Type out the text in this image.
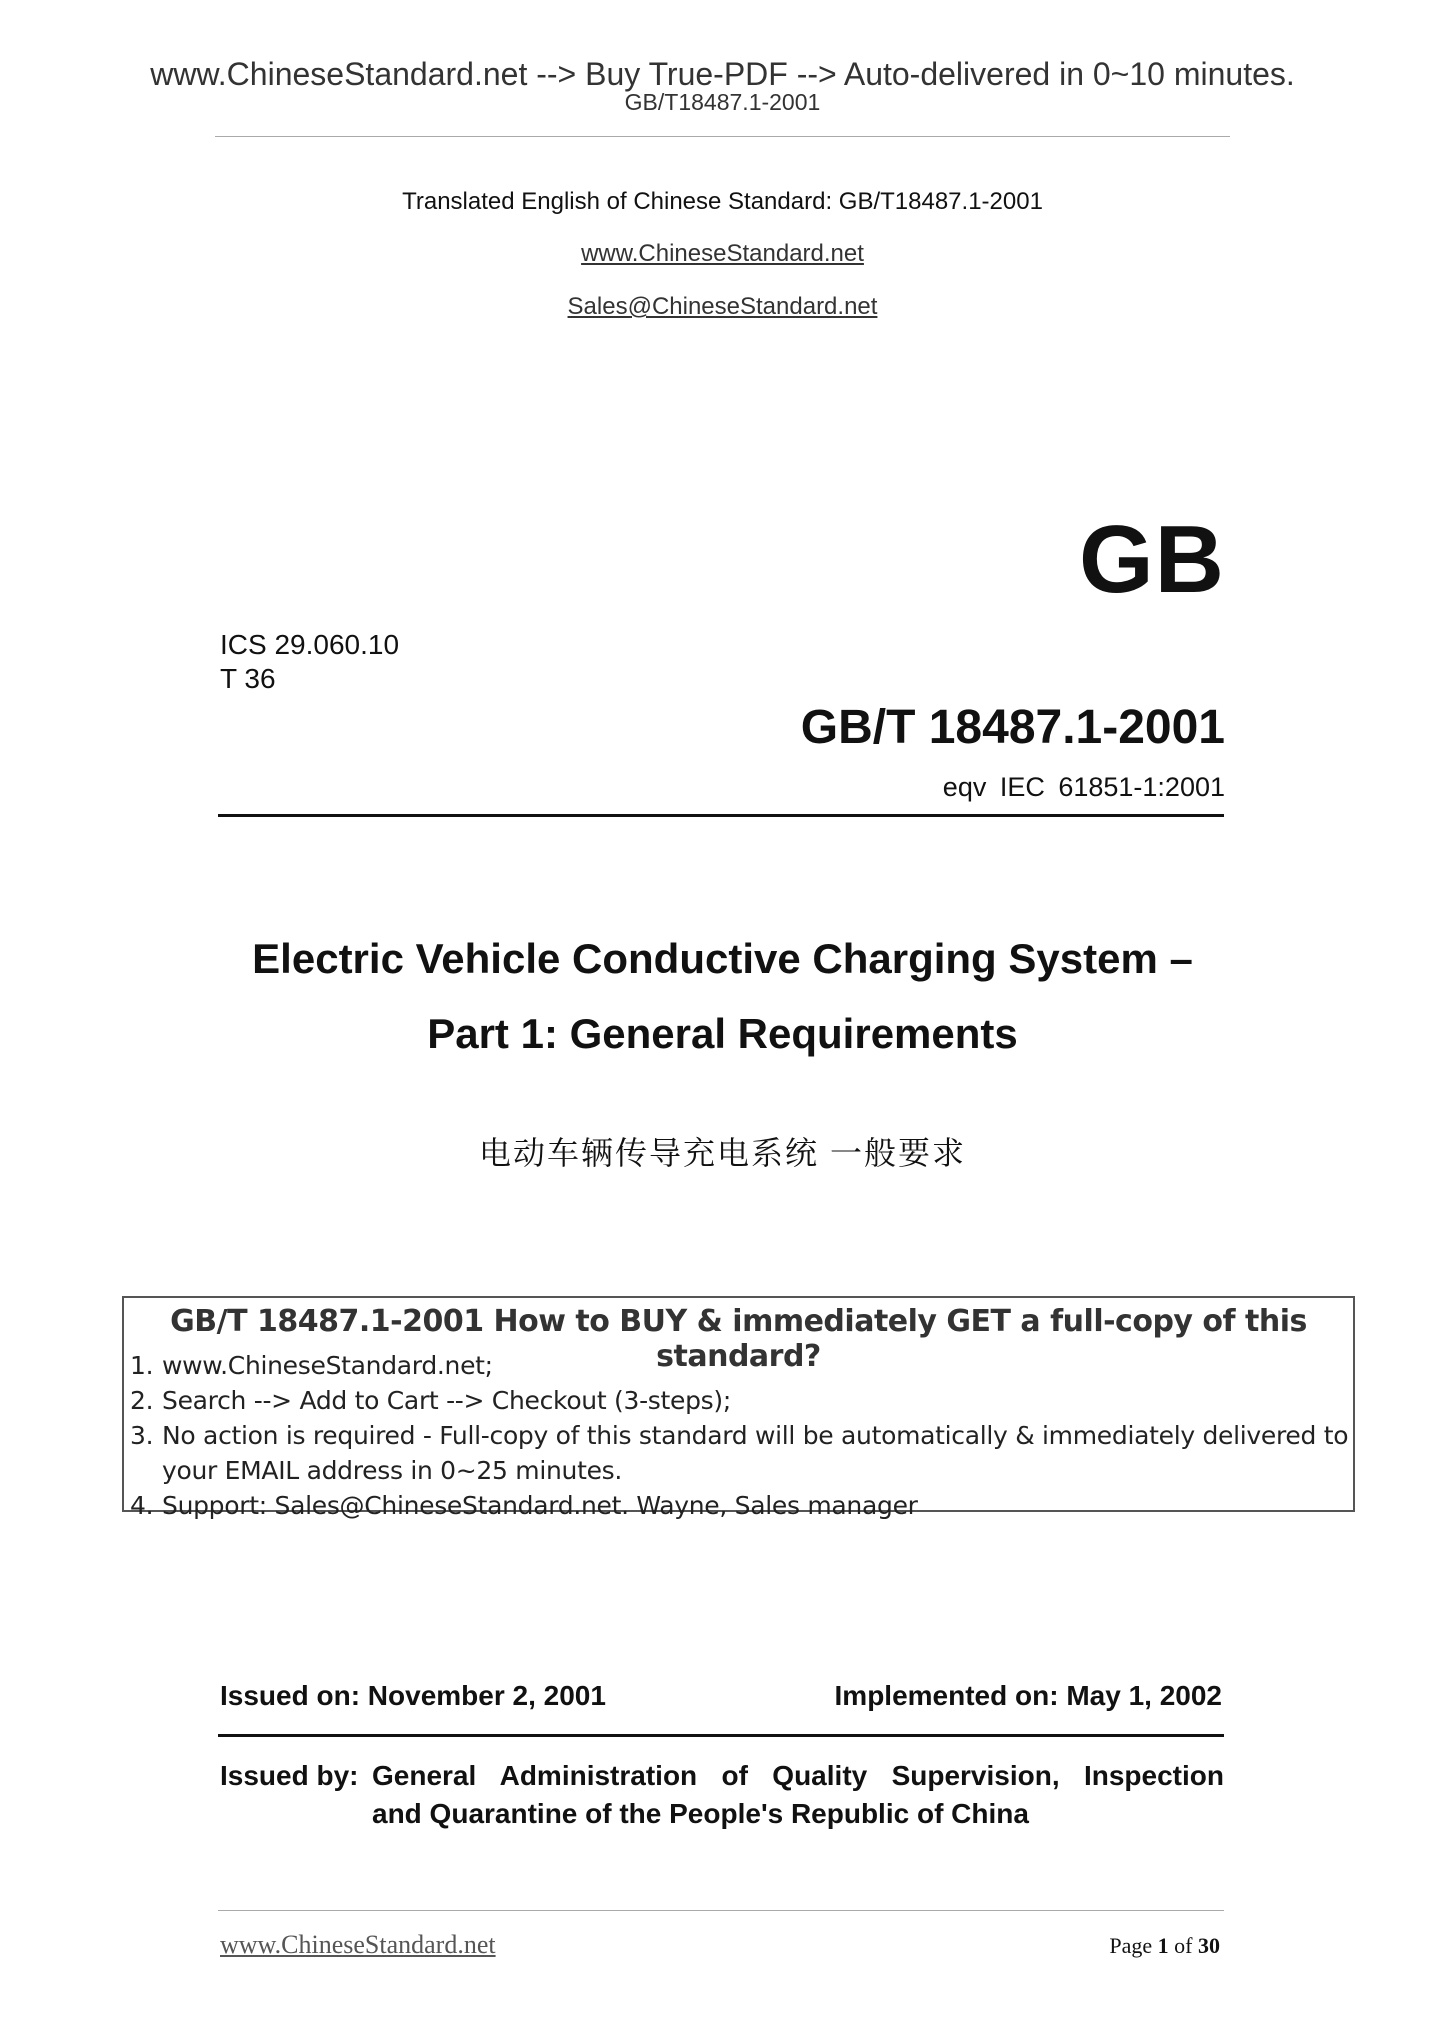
www.ChineseStandard.net --> Buy True-PDF --> Auto-delivered in 0~10 minutes.
GB/T18487.1-2001
Translated English of Chinese Standard: GB/T18487.1-2001
www.ChineseStandard.net
Sales@ChineseStandard.net
GB
ICS 29.060.10
T 36
GB/T 18487.1-2001
eqv IEC 61851-1:2001
Electric Vehicle Conductive Charging System –
Part 1: General Requirements
电动车辆传导充电系统 一般要求
GB/T 18487.1-2001 How to BUY & immediately GET a full-copy of this standard?
1. www.ChineseStandard.net;
2. Search --> Add to Cart --> Checkout (3-steps);
3. No action is required - Full-copy of this standard will be automatically & immediately delivered to
your EMAIL address in 0~25 minutes.
4. Support: Sales@ChineseStandard.net. Wayne, Sales manager
Issued on: November 2, 2001	Implemented on: May 1, 2002
Issued by: General Administration of Quality Supervision, Inspection
and Quarantine of the People's Republic of China
www.ChineseStandard.net	Page 1 of 30
